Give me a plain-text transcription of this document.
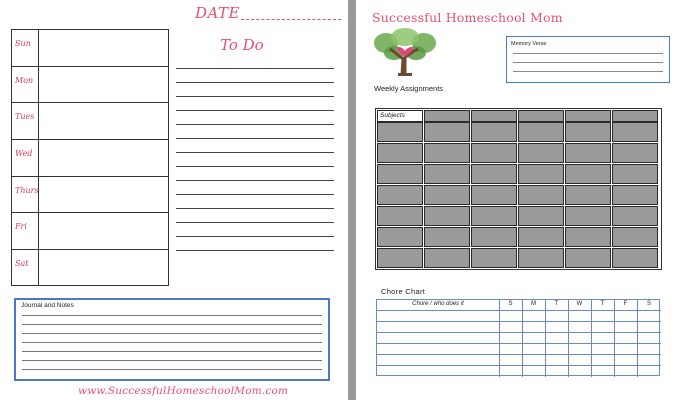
DATE
Sun
Mon
Tues
Wed
Thurs
Fri
Sat
To Do
Journal and Notes
www.SuccessfulHomeschoolMom.com
Successful Homeschool Mom
Memory Verse
Weekly Assignments
Subjects
Chore Chart
Chore / who does it	S	M	T	W	T	F	S
